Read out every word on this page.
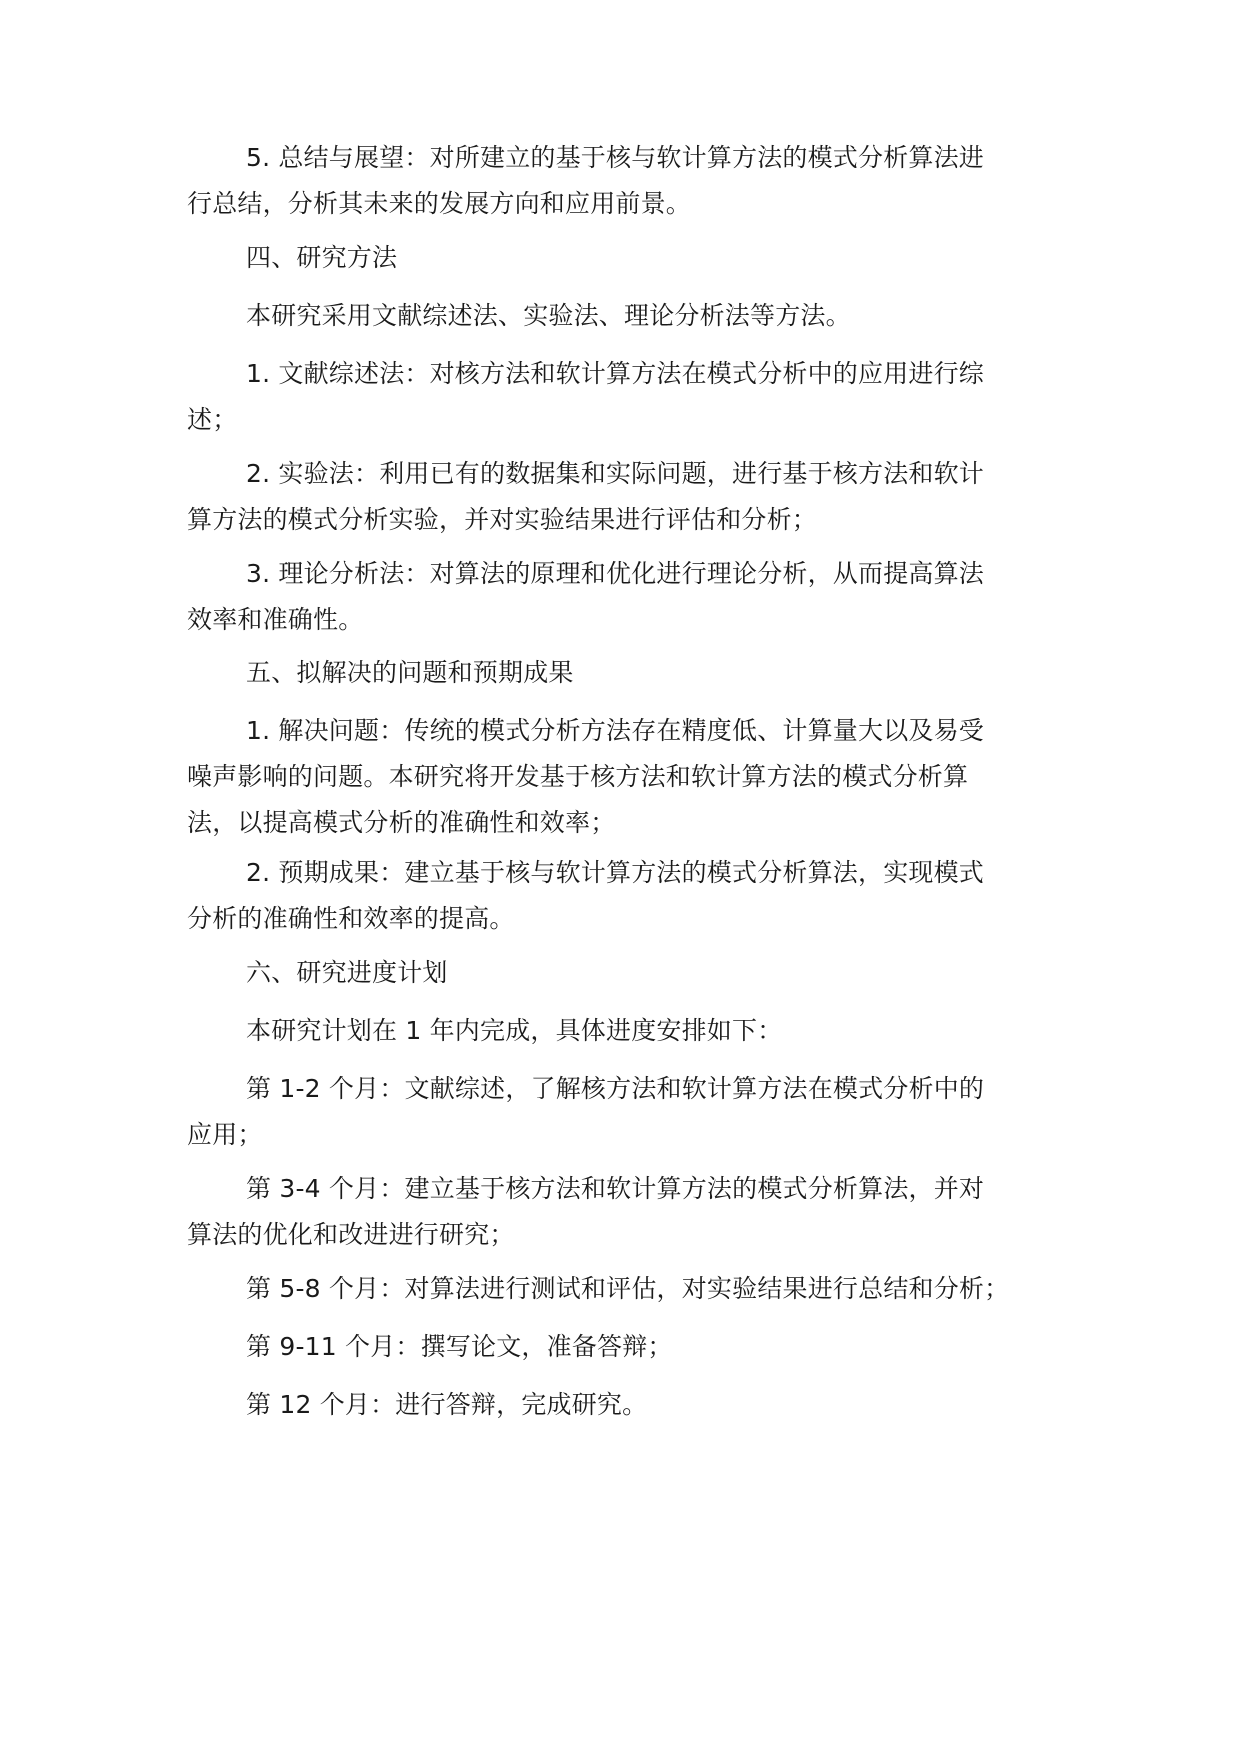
5. 总结与展望：对所建立的基于核与软计算方法的模式分析算法进
行总结，分析其未来的发展方向和应用前景。

四、研究方法

本研究采用文献综述法、实验法、理论分析法等方法。

1. 文献综述法：对核方法和软计算方法在模式分析中的应用进行综
述；

2. 实验法：利用已有的数据集和实际问题，进行基于核方法和软计
算方法的模式分析实验，并对实验结果进行评估和分析；

3. 理论分析法：对算法的原理和优化进行理论分析，从而提高算法
效率和准确性。

五、拟解决的问题和预期成果

1. 解决问题：传统的模式分析方法存在精度低、计算量大以及易受
噪声影响的问题。本研究将开发基于核方法和软计算方法的模式分析算
法，以提高模式分析的准确性和效率；

2. 预期成果：建立基于核与软计算方法的模式分析算法，实现模式
分析的准确性和效率的提高。

六、研究进度计划

本研究计划在 1 年内完成，具体进度安排如下：

第 1-2 个月：文献综述，了解核方法和软计算方法在模式分析中的
应用；

第 3-4 个月：建立基于核方法和软计算方法的模式分析算法，并对
算法的优化和改进进行研究；

第 5-8 个月：对算法进行测试和评估，对实验结果进行总结和分析；

第 9-11 个月：撰写论文，准备答辩；

第 12 个月：进行答辩，完成研究。
